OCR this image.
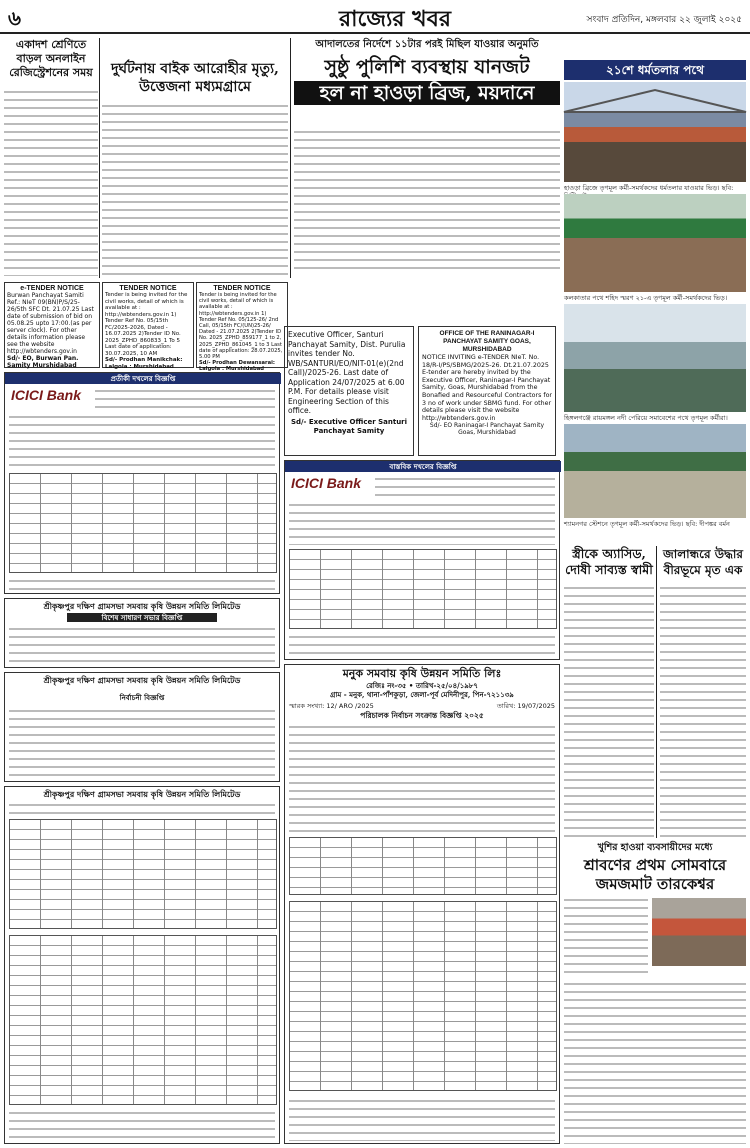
৬	রাজ্যের খবর	সংবাদ প্রতিদিন, মঙ্গলবার ২২ জুলাই ২০২৫
একাদশ শ্রেণিতে বাড়ল অনলাইন রেজিস্ট্রেশনের সময়	দুর্ঘটনায় বাইক আরোহীর মৃত্যু, উত্তেজনা মধ্যমগ্রামে
আদালতের নির্দেশে ১১টার পরই মিছিল যাওয়ার অনুমতি
সুষ্ঠু পুলিশি ব্যবস্থায় যানজট
হল না হাওড়া ব্রিজ, ময়দানে
২১শে ধর্মতলার পথে
হাওড়া ব্রিজে তৃণমূল কর্মী-সমর্থকদের ধর্মতলার যাওয়ার ভিড়। ছবি:
কলকাতার পথে শহিদ স্মরণ ২১-এ তৃণমূল কর্মী-সমর্থকদের ভিড়।
হিঙ্গলগঞ্জে রায়মঙ্গল নদী পেরিয়ে সমাবেশের পথে তৃণমূল কর্মীরা।
শ্যামনগর স্টেশনে তৃণমূল কর্মী-সমর্থকদের ভিড়। ছবি: দীপঙ্কর বর্মন
e-TENDER NOTICE
Burwan Panchayat Samiti Ref.: NIeT 09(BN)P/S/25-26/5th SFC Dt. 21.07.25 Last date of submission of bid on 05.08.25 upto 17:00.(as per server clock). For other details information please see the website http://wbtenders.gov.in
Sd/- EO, Burwan Pan. Samity Murshidabad
TENDER NOTICE
Tender is being invited for the civil works, detail of which is available at : http://wbtenders.gov.in 1) Tender Ref No. 05/15th FC/2025-2026, Dated - 16.07.2025 2)Tender ID No. 2025_ZPHD_860833_1 To 5 Last date of application: 30.07.2025, 10 AM
Sd/- Prodhan Manikchak: Lalgola : Murshidabad
TENDER NOTICE
Tender is being invited for the civil works, detail of which is available at : http://wbtenders.gov.in 1) Tender Ref No. 05/125-26/ 2nd Call, 05/15th FC/(UN)25-26/ Dated - 21.07.2025 2)Tender ID No. 2025_ZPHD_859177_1 to 2, 2025_ZPHD_861045_1 to 3 Last date of application: 28.07.2025, 5.00 PM
Sd/- Prodhan Dewansarai: Lalgola : Murshidabad
Executive Officer, Santuri Panchayat Samity, Dist. Purulia invites tender No. WB/SANTURI/EO/NIT-01(e)(2nd Call)/2025-26. Last date of Application 24/07/2025 at 6.00 P.M. For details please visit Engineering Section of this office.
Sd/- Executive Officer Santuri Panchayat Samity
OFFICE OF THE RANINAGAR-I PANCHAYAT SAMITY GOAS, MURSHIDABAD
NOTICE INVITING e-TENDER NIeT. No. 18/R-I/PS/SBMG/2025-26. Dt.21.07.2025 E-tender are hereby invited by the Executive Officer, Raninagar-I Panchayat Samity, Goas, Murshidabad from the Bonafied and Resourceful Contractors for 3 no of work under SBMG fund. For other details please visit the website http://wbtenders.gov.in
Sd/- EO Raninagar-I Panchayat Samity Goas, Murshidabad
প্রতীকী দখলের বিজ্ঞপ্তি
ICICI Bank
বাস্তবিক দখলের বিজ্ঞপ্তি
ICICI Bank
স্ত্রীকে অ্যাসিড, দোষী সাব্যস্ত স্বামী
জালান্ধরে উদ্ধার বীরভূমে মৃত এক
খুশির হাওয়া ব্যবসায়ীদের মধ্যে
শ্রাবণের প্রথম সোমবারে
জমজমাট তারকেশ্বর
শ্রীকৃষ্ণপুর দক্ষিণ গ্রামসভা সমবায় কৃষি উন্নয়ন সমিতি লিমিটেড
বিশেষ সাধারণ সভার বিজ্ঞপ্তি
শ্রীকৃষ্ণপুর দক্ষিণ গ্রামসভা সমবায় কৃষি উন্নয়ন সমিতি লিমিটেড
নির্বাচনী বিজ্ঞপ্তি
শ্রীকৃষ্ণপুর দক্ষিণ গ্রামসভা সমবায় কৃষি উন্নয়ন সমিতি লিমিটেড
মনুক সমবায় কৃষি উন্নয়ন সমিতি লিঃ
রেজিঃ নং-৩৫ • তারিখ-২৫/০৪/১৯৮৭
গ্রাম - মনুক, থানা-পাঁশকুড়া, জেলা-পূর্ব মেদিনীপুর, পিন-৭২১১৩৯
স্মারক সংখ্যা: 12/ ARO /2025	তারিখ: 19/07/2025
পরিচালক নির্বাচন সংক্রান্ত বিজ্ঞপ্তি ২০২৫
